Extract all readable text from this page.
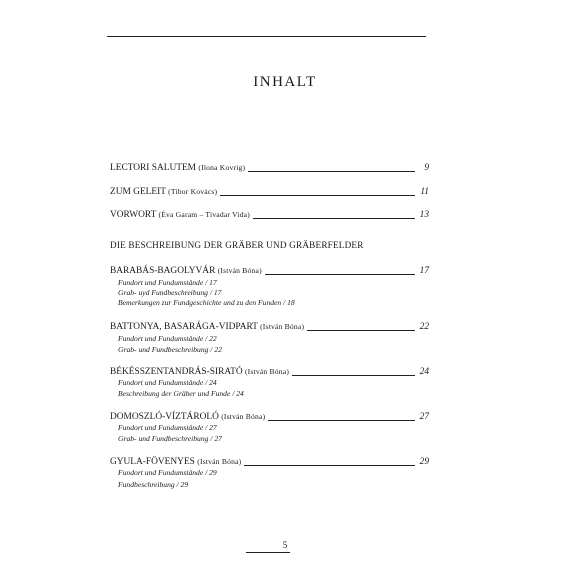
INHALT
LECTORI SALUTEM (Ilona Kovrig)	9
ZUM GELEIT (Tibor Kovács)	11
VORWORT (Éva Garam – Tivadar Vida)	13
DIE BESCHREIBUNG DER GRÄBER UND GRÄBERFELDER
BARABÁS-BAGOLYVÁR (István Bóna)	17
Fundort und Fundumstände / 17
Grab- uyd Fundbeschreibung / 17
Bemerkungen zur Fundgeschichte und zu den Funden / 18
BATTONYA, BASARÁGA-VIDPART (István Bóna)	22
Fundort und Fundumstände / 22
Grab- und Fundbeschreibung / 22
BÉKÉSSZENTANDRÁS-SIRATÓ (István Bóna)	24
Fundort und Fundumstände / 24
Beschreibung der Gräber und Funde / 24
DOMOSZLÓ-VÍZTÁROLÓ (István Bóna)	27
Fundort und Fundumstände / 27
Grab- und Fundbeschreibung / 27
GYULA-FÖVENYES (István Bóna)	29
Fundort und Fundumstände / 29
Fundbeschreibung / 29
5
